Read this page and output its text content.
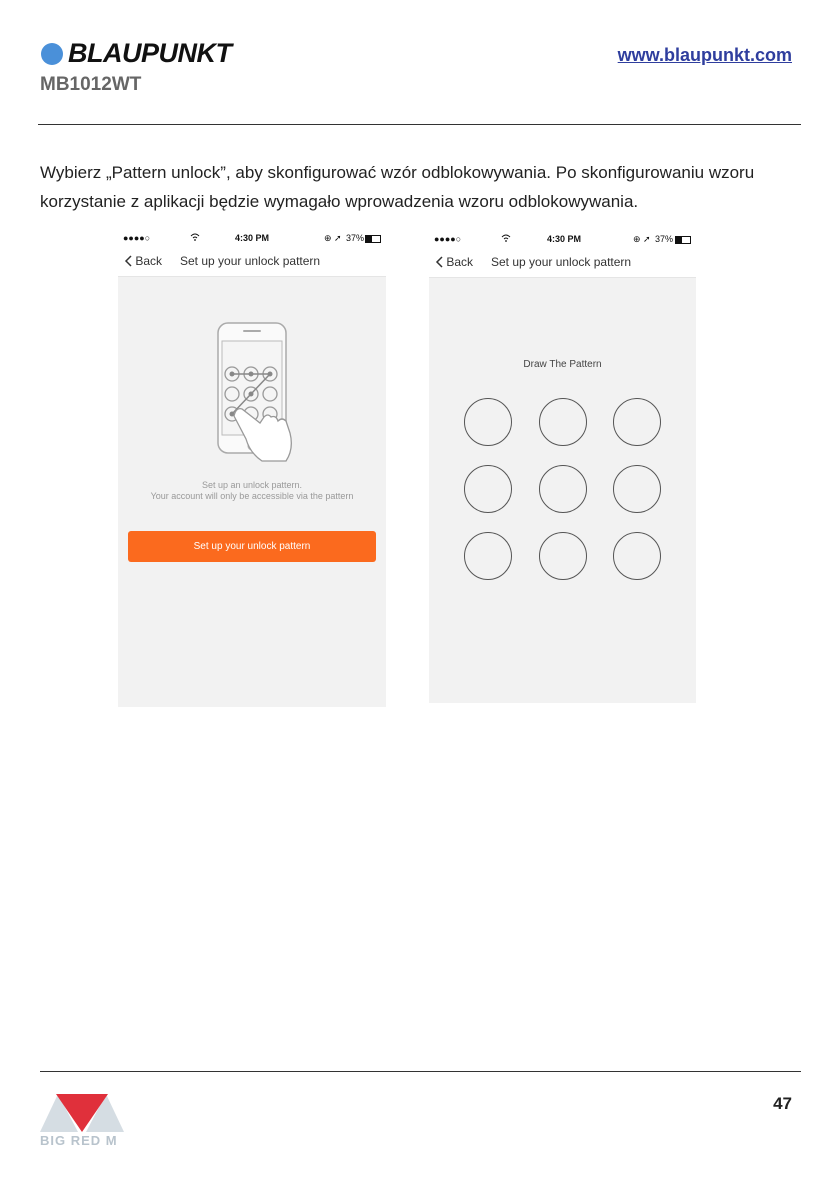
BLAUPUNKT
MB1012WT
www.blaupunkt.com
Wybierz „Pattern unlock”, aby skonfigurować wzór odblokowywania. Po skonfigurowaniu wzoru korzystanie z aplikacji będzie wymagało wprowadzenia wzoru odblokowywania.
●●●●○	4:30 PM	⊕ ➚ 37%
Back Set up your unlock pattern
Set up an unlock pattern.
Your account will only be accessible via the pattern
Set up your unlock pattern
●●●●○	4:30 PM	⊕ ➚ 37%
Back Set up your unlock pattern
Draw The Pattern
BIG RED M
47
